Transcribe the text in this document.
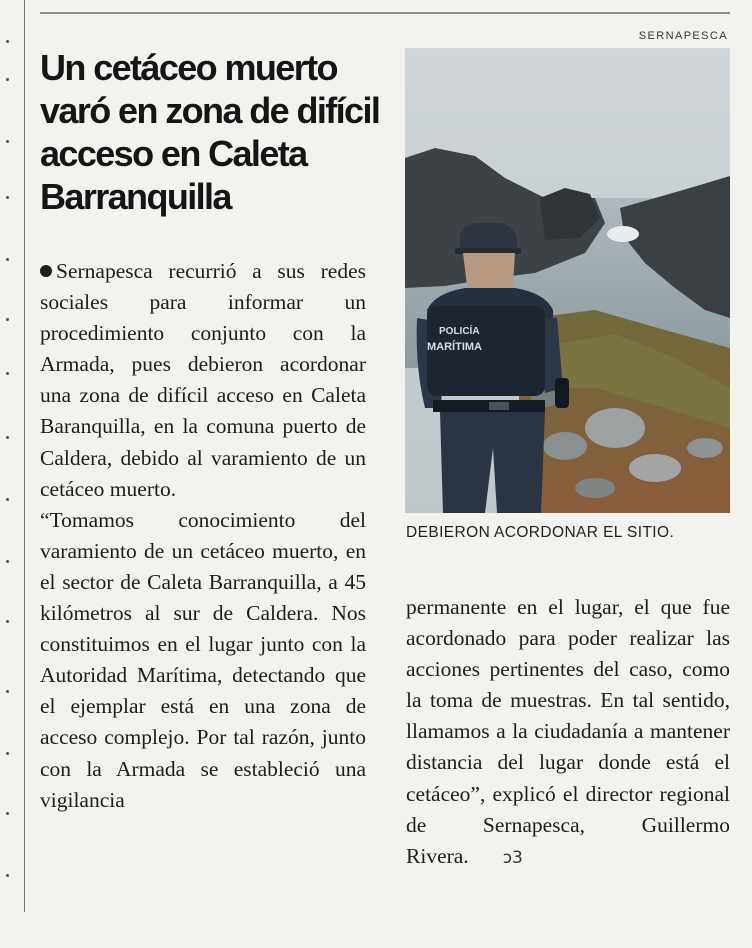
SERNAPESCA
Un cetáceo muerto varó en zona de difícil acceso en Caleta Barranquilla

Sernapesca recurrió a sus redes sociales para informar un procedimiento conjunto con la Armada, pues debieron acordonar una zona de difícil acceso en Caleta Baranquilla, en la comuna puerto de Caldera, debido al varamiento de un cetáceo muerto.

“Tomamos conocimiento del varamiento de un cetáceo muerto, en el sector de Caleta Barranquilla, a 45 kilómetros al sur de Caldera. Nos constituimos en el lugar junto con la Autoridad Marítima, detectando que el ejemplar está en una zona de acceso complejo. Por tal razón, junto con la Armada se estableció una vigilancia

POLICÍA
MARÍTIMA
DEBIERON ACORDONAR EL SITIO.

permanente en el lugar, el que fue acordonado para poder realizar las acciones pertinentes del caso, como la toma de muestras. En tal sentido, llamamos a la ciudadanía a mantener distancia del lugar donde está el cetáceo”, explicó el director regional de Sernapesca, Guillermo Rivera. ↄ3
